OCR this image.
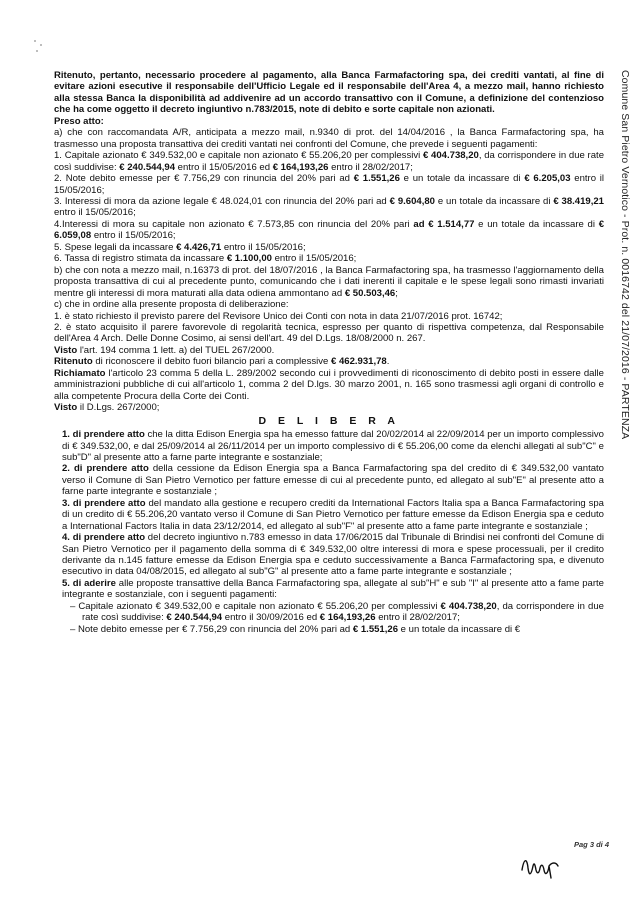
Ritenuto, pertanto, necessario procedere al pagamento, alla Banca Farmafactoring spa, dei crediti vantati, al fine di evitare azioni esecutive il responsabile dell'Ufficio Legale ed il responsabile dell'Area 4, a mezzo mail, hanno richiesto alla stessa Banca la disponibilità ad addivenire ad un accordo transattivo con il Comune, a definizione del contenzioso che ha come oggetto il decreto ingiuntivo n.783/2015, note di debito e sorte capitale non azionati.

Preso atto:

a) che con raccomandata A/R, anticipata a mezzo mail, n.9340 di prot. del 14/04/2016 , la Banca Farmafactoring spa, ha trasmesso una proposta transattiva dei crediti vantati nei confronti del Comune, che prevede i seguenti pagamenti:

1. Capitale azionato € 349.532,00 e capitale non azionato € 55.206,20 per complessivi € 404.738,20, da corrispondere in due rate così suddivise: € 240.544,94 entro il 15/05/2016 ed € 164,193,26 entro il 28/02/2017;

2. Note debito emesse per € 7.756,29 con rinuncia del 20% pari ad € 1.551,26 e un totale da incassare di € 6.205,03 entro il 15/05/2016;

3. Interessi di mora da azione legale € 48.024,01 con rinuncia del 20% pari ad € 9.604,80 e un totale da incassare di € 38.419,21 entro il 15/05/2016;

4.Interessi di mora su capitale non azionato € 7.573,85 con rinuncia del 20% pari ad € 1.514,77 e un totale da incassare di € 6.059,08 entro il 15/05/2016;

5. Spese legali da incassare € 4.426,71 entro il 15/05/2016;

6. Tassa di registro stimata da incassare € 1.100,00 entro il 15/05/2016;

b) che con nota a mezzo mail, n.16373 di prot. del 18/07/2016 , la Banca Farmafactoring spa, ha trasmesso l'aggiornamento della proposta transattiva di cui al precedente punto, comunicando che i dati inerenti il capitale e le spese legali sono rimasti invariati mentre gli interessi di mora maturati alla data odiena ammontano ad € 50.503,46;

c) che in ordine alla presente proposta di deliberazione:

1. è stato richiesto il previsto parere del Revisore Unico dei Conti con nota in data 21/07/2016 prot. 16742;

2. è stato acquisito il parere favorevole di regolarità tecnica, espresso per quanto di rispettiva competenza, dal Responsabile dell'Area 4 Arch. Delle Donne Cosimo, ai sensi dell'art. 49 del D.Lgs. 18/08/2000 n. 267.

Visto l'art. 194 comma 1 lett. a) del TUEL 267/2000.

Ritenuto di riconoscere il debito fuori bilancio pari a complessive € 462.931,78.

Richiamato l'articolo 23 comma 5 della L. 289/2002 secondo cui i provvedimenti di riconoscimento di debito posti in essere dalle amministrazioni pubbliche di cui all'articolo 1, comma 2 del D.lgs. 30 marzo 2001, n. 165 sono trasmessi agli organi di controllo e alla competente Procura della Corte dei Conti.

Visto il D.Lgs. 267/2000;

D E L I B E R A

1. di prendere atto che la ditta Edison Energia spa ha emesso fatture dal 20/02/2014 al 22/09/2014 per un importo complessivo di € 349.532,00, e dal 25/09/2014 al 26/11/2014 per un importo complessivo di € 55.206,00 come da elenchi allegati al sub"C" e sub"D" al presente atto a farne parte integrante e sostanziale;

2. di prendere atto della cessione da Edison Energia spa a Banca Farmafactoring spa del credito di € 349.532,00 vantato verso il Comune di San Pietro Vernotico per fatture emesse di cui al precedente punto, ed allegato al sub"E" al presente atto a farne parte integrante e sostanziale ;

3. di prendere atto del mandato alla gestione e recupero crediti da International Factors Italia spa a Banca Farmafactoring spa di un credito di € 55.206,20 vantato verso il Comune di San Pietro Vernotico per fatture emesse da Edison Energia spa e ceduto a International Factors Italia in data 23/12/2014, ed allegato al sub"F" al presente atto a fame parte integrante e sostanziale ;

4. di prendere atto del decreto ingiuntivo n.783 emesso in data 17/06/2015 dal Tribunale di Brindisi nei confronti del Comune di San Pietro Vernotico per il pagamento della somma di € 349.532,00 oltre interessi di mora e spese processuali, per il credito derivante da n.145 fatture emesse da Edison Energia spa e ceduto successivamente a Banca Farmafactoring spa, e divenuto esecutivo in data 04/08/2015, ed allegato al sub"G" al presente atto a fame parte integrante e sostanziale ;

5. di aderire alle proposte transattive della Banca Farmafactoring spa, allegate al sub"H" e sub "I" al presente atto a fame parte integrante e sostanziale, con i seguenti pagamenti:

– Capitale azionato € 349.532,00 e capitale non azionato € 55.206,20 per complessivi € 404.738,20, da corrispondere in due rate così suddivise: € 240.544,94 entro il 30/09/2016 ed € 164,193,26 entro il 28/02/2017;

– Note debito emesse per € 7.756,29 con rinuncia del 20% pari ad € 1.551,26 e un totale da incassare di €

Comune San Pietro Vernotico - Prot. n. 0016742 del 21/07/2016 - PARTENZA
Pag 3 di 4
